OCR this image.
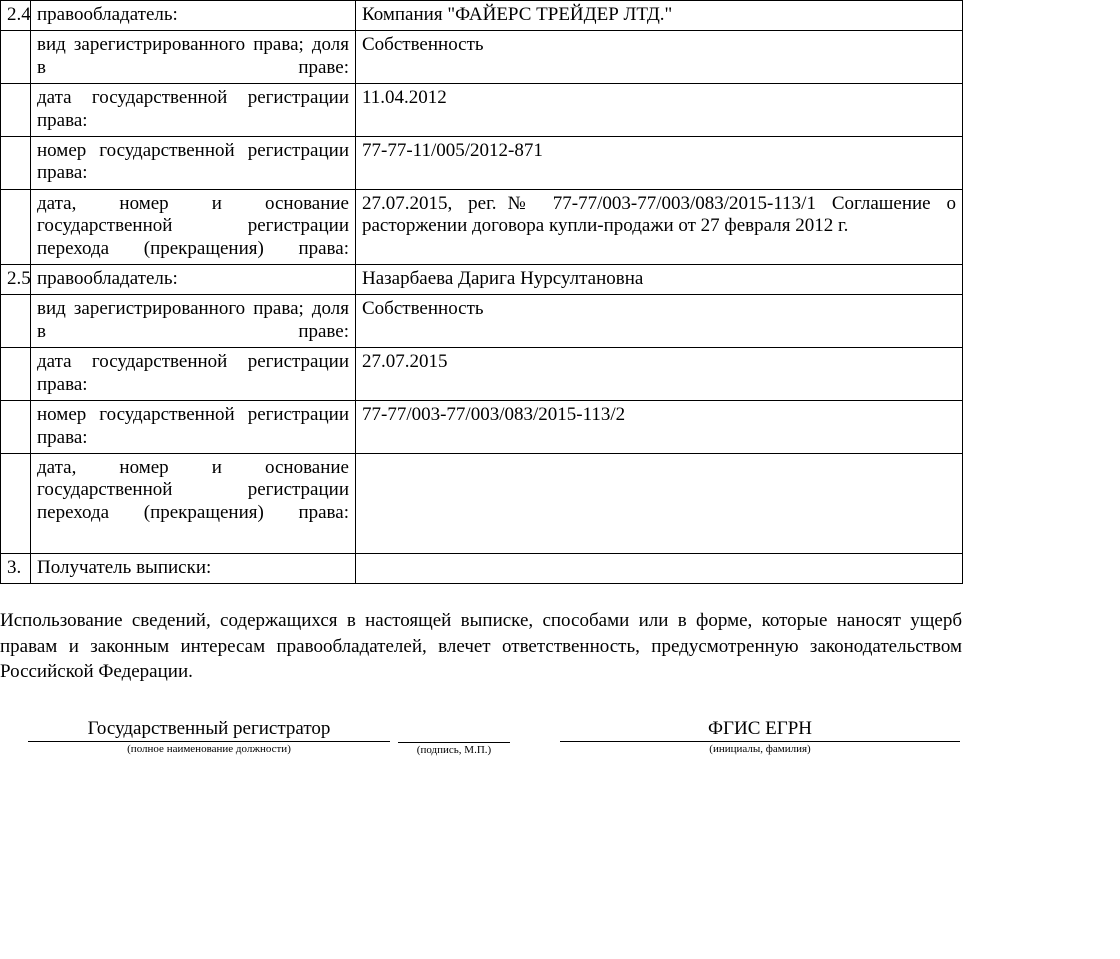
2.4	правообладатель:	Компания "ФАЙЕРС ТРЕЙДЕР ЛТД."
	вид зарегистрированного права; доля в праве:	Собственность
	дата государственной регистрации права:	11.04.2012
	номер государственной регистрации права:	77-77-11/005/2012-871
	дата, номер и основание государственной регистрации перехода (прекращения) права:	27.07.2015, рег.№ 77-77/003-77/003/083/2015-113/1 Соглашение о расторжении договора купли-продажи от 27 февраля 2012 г.
2.5	правообладатель:	Назарбаева Дарига Нурсултановна
	вид зарегистрированного права; доля в праве:	Собственность
	дата государственной регистрации права:	27.07.2015
	номер государственной регистрации права:	77-77/003-77/003/083/2015-113/2
	дата, номер и основание государственной регистрации перехода (прекращения) права:	
3.	Получатель выписки:	
Использование сведений, содержащихся в настоящей выписке, способами или в форме, которые наносят ущерб правам и законным интересам правообладателей, влечет ответственность, предусмотренную законодательством Российской Федерации.
Государственный регистратор
(полное наименование должности)	(подпись, М.П.)
ФГИС ЕГРН
(инициалы, фамилия)
